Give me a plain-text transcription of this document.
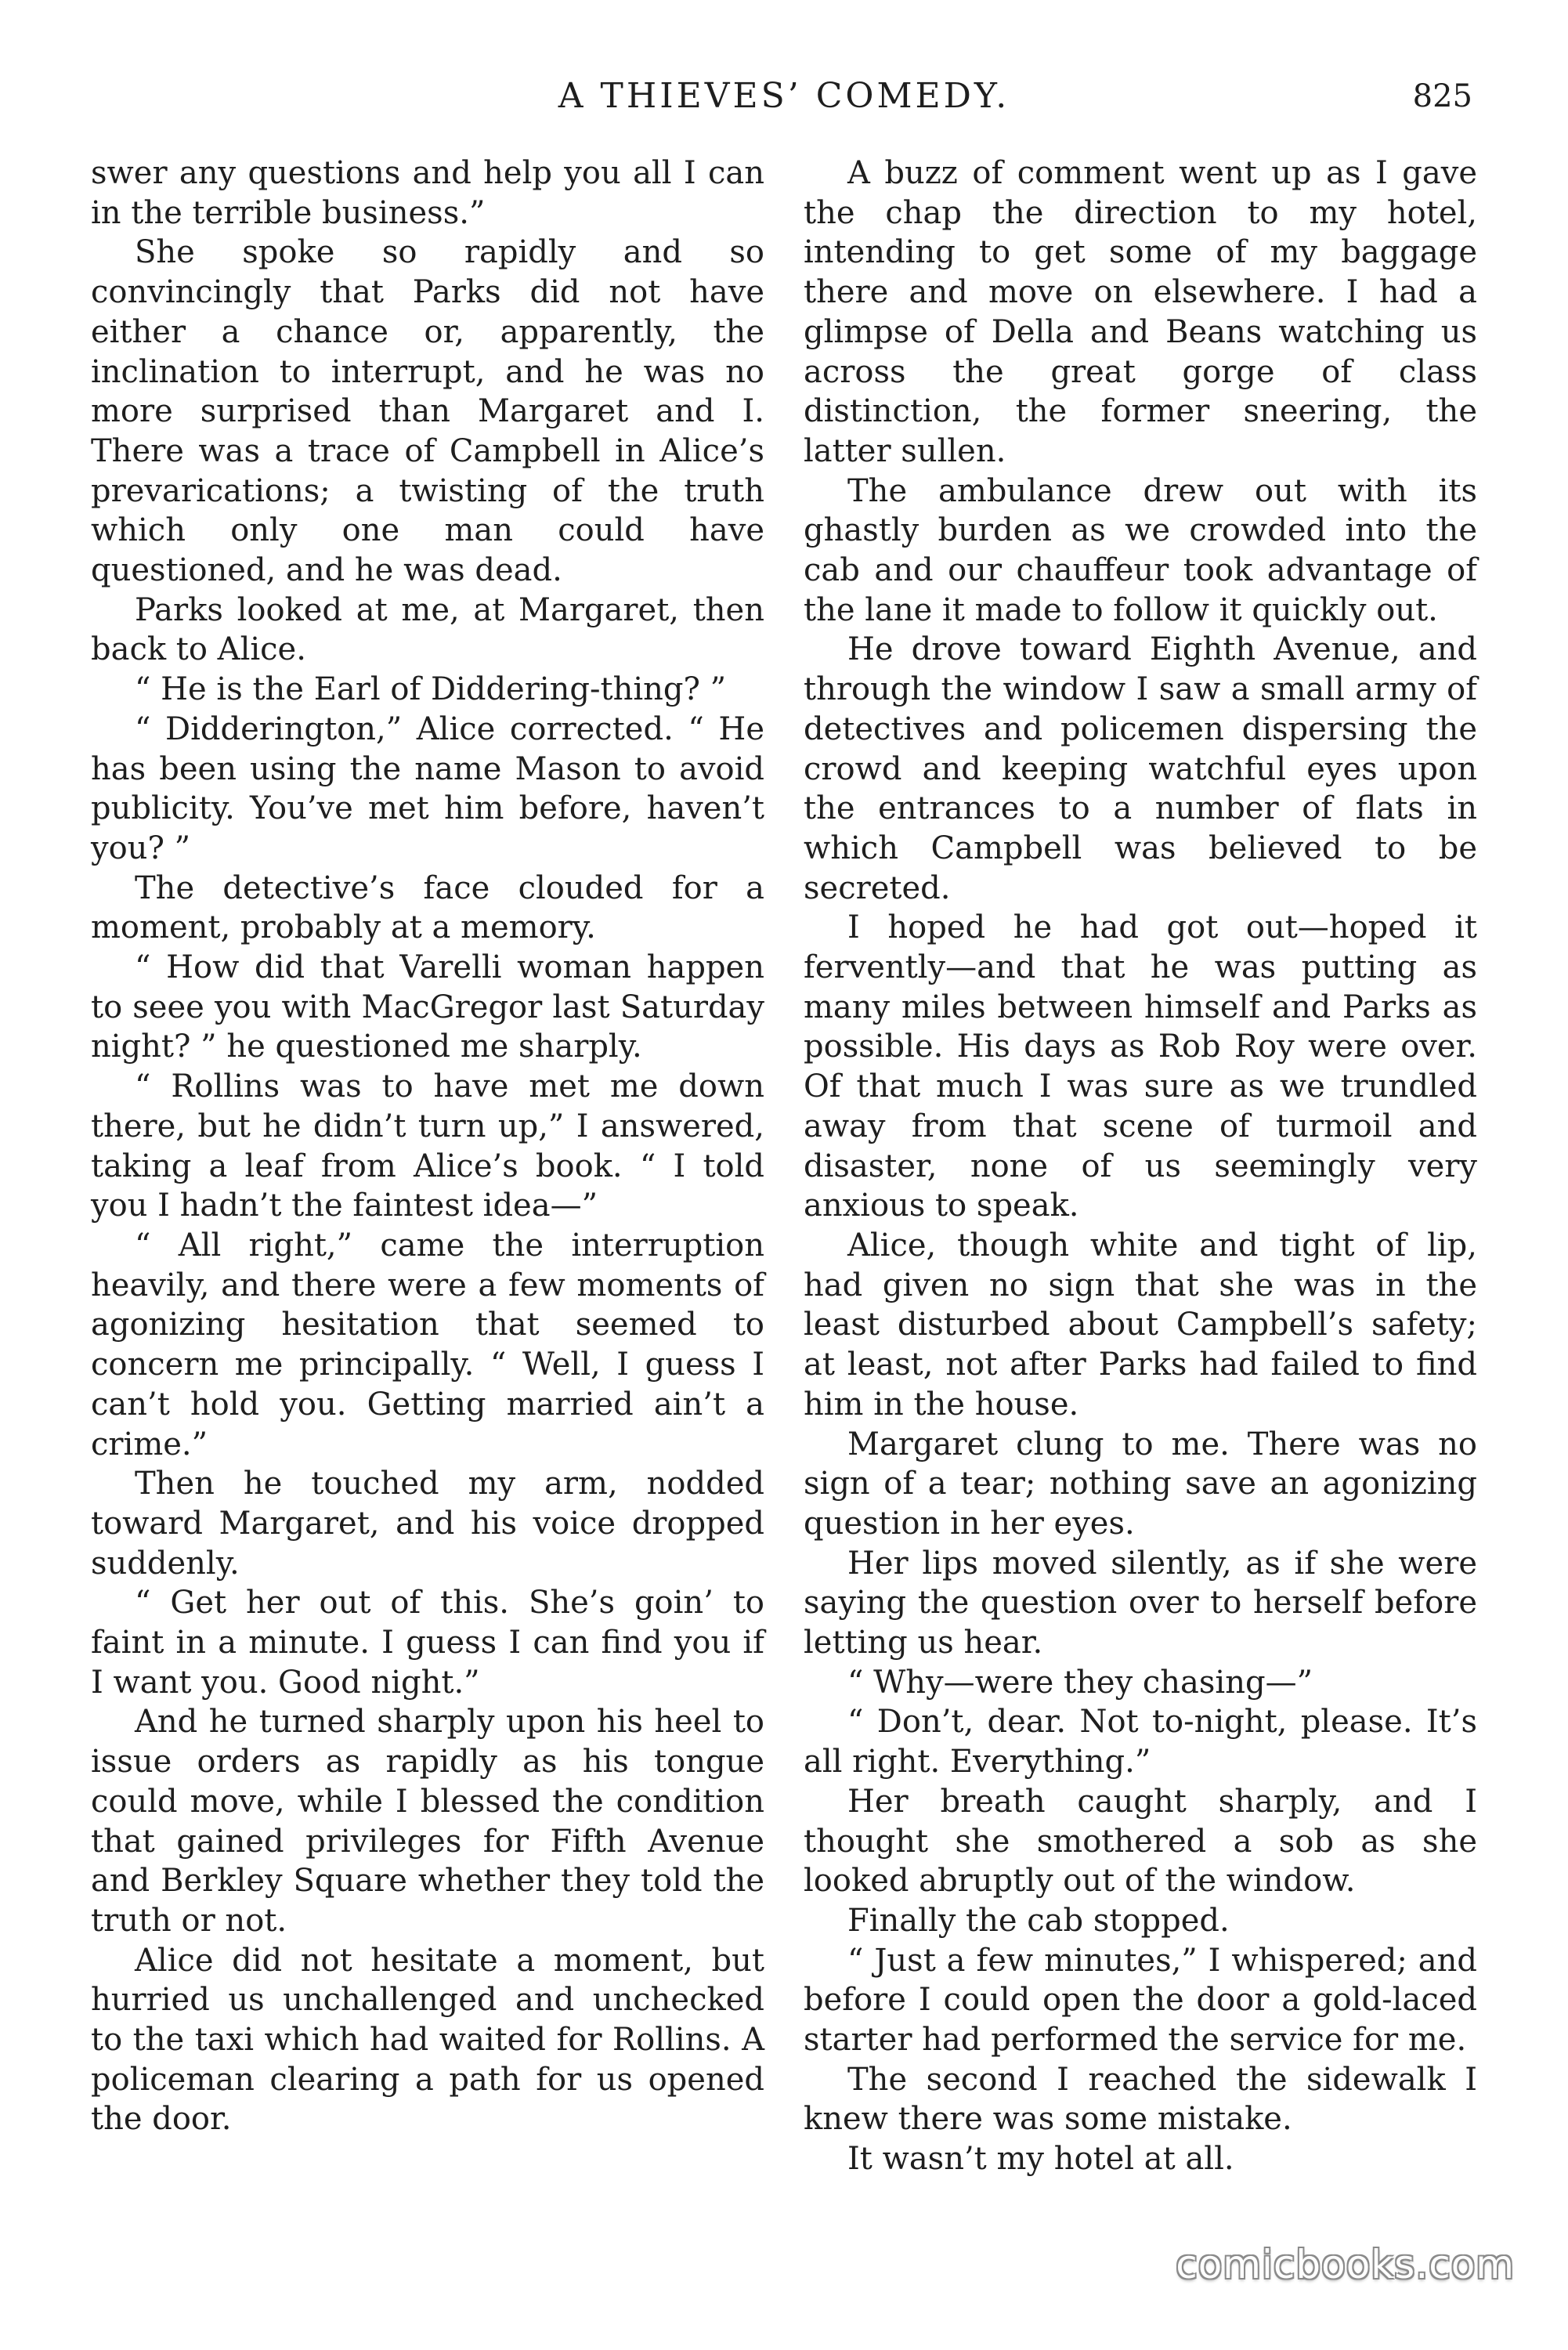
A THIEVES’ COMEDY.	825

swer any questions and help you all I can in the terrible business.”

She spoke so rapidly and so convincingly that Parks did not have either a chance or, apparently, the inclination to interrupt, and he was no more surprised than Margaret and I. There was a trace of Campbell in Alice’s prevarications; a twisting of the truth which only one man could have questioned, and he was dead.

Parks looked at me, at Margaret, then back to Alice.

“ He is the Earl of Diddering-thing? ”

“ Didderington,” Alice corrected. “ He has been using the name Mason to avoid publicity. You’ve met him before, haven’t you? ”

The detective’s face clouded for a moment, probably at a memory.

“ How did that Varelli woman happen to seee you with MacGregor last Saturday night? ” he questioned me sharply.

“ Rollins was to have met me down there, but he didn’t turn up,” I answered, taking a leaf from Alice’s book. “ I told you I hadn’t the faintest idea—”

“ All right,” came the interruption heavily, and there were a few moments of agonizing hesitation that seemed to concern me principally. “ Well, I guess I can’t hold you. Getting married ain’t a crime.”

Then he touched my arm, nodded toward Margaret, and his voice dropped suddenly.

“ Get her out of this. She’s goin’ to faint in a minute. I guess I can find you if I want you. Good night.”

And he turned sharply upon his heel to issue orders as rapidly as his tongue could move, while I blessed the condition that gained privileges for Fifth Avenue and Berkley Square whether they told the truth or not.

Alice did not hesitate a moment, but hurried us unchallenged and unchecked to the taxi which had waited for Rollins. A policeman clearing a path for us opened the door.

A buzz of comment went up as I gave the chap the direction to my hotel, intending to get some of my baggage there and move on elsewhere. I had a glimpse of Della and Beans watching us across the great gorge of class distinction, the former sneering, the latter sullen.

The ambulance drew out with its ghastly burden as we crowded into the cab and our chauffeur took advantage of the lane it made to follow it quickly out.

He drove toward Eighth Avenue, and through the window I saw a small army of detectives and policemen dispersing the crowd and keeping watchful eyes upon the entrances to a number of flats in which Campbell was believed to be secreted.

I hoped he had got out—hoped it fervently—and that he was putting as many miles between himself and Parks as possible. His days as Rob Roy were over. Of that much I was sure as we trundled away from that scene of turmoil and disaster, none of us seemingly very anxious to speak.

Alice, though white and tight of lip, had given no sign that she was in the least disturbed about Campbell’s safety; at least, not after Parks had failed to find him in the house.

Margaret clung to me. There was no sign of a tear; nothing save an agonizing question in her eyes.

Her lips moved silently, as if she were saying the question over to herself before letting us hear.

“ Why—were they chasing—”

“ Don’t, dear. Not to-night, please. It’s all right. Everything.”

Her breath caught sharply, and I thought she smothered a sob as she looked abruptly out of the window.

Finally the cab stopped.

“ Just a few minutes,” I whispered; and before I could open the door a gold-laced starter had performed the service for me.

The second I reached the sidewalk I knew there was some mistake.

It wasn’t my hotel at all.

comicbooks.com
